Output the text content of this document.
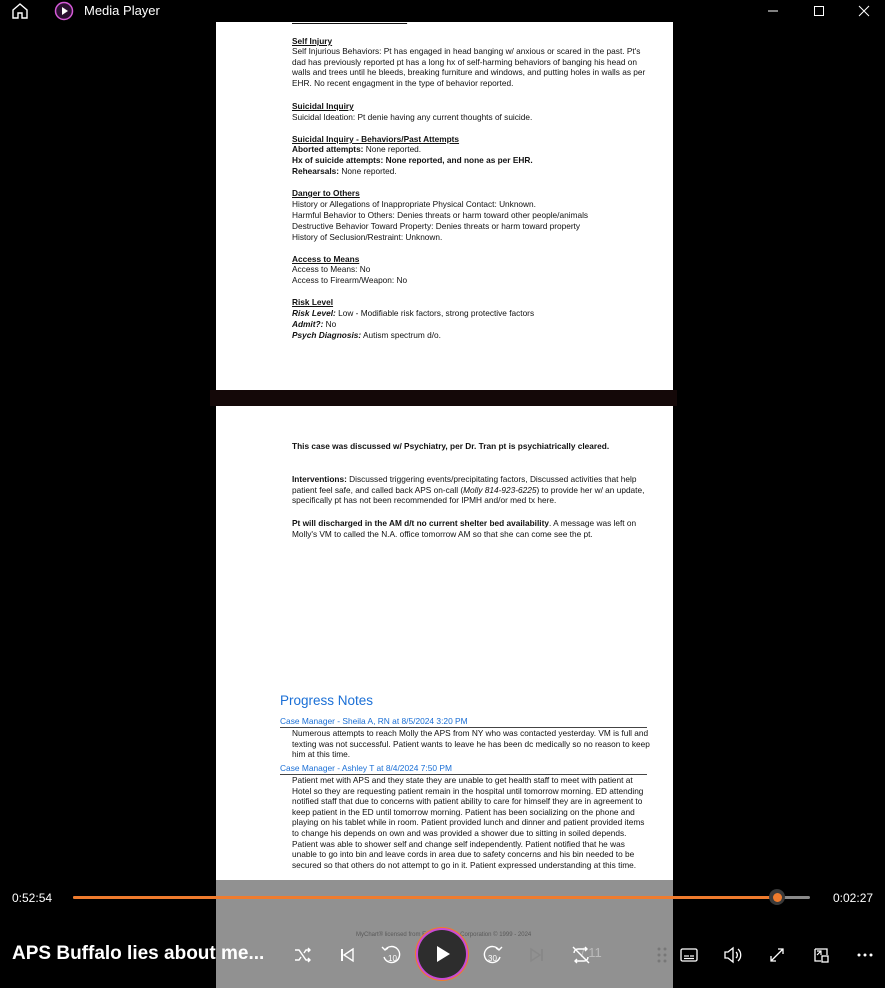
Media Player
Self Injury
Self Injurious Behaviors: Pt has engaged in head banging w/ anxious or scared in the past. Pt's dad has previously reported pt has a long hx of self-harming behaviors of banging his head on walls and trees until he bleeds, breaking furniture and windows, and putting holes in walls as per EHR. No recent engagment in the type of behavior reported.
Suicidal Inquiry
Suicidal Ideation: Pt denie having any current thoughts of suicide.
Suicidal Inquiry - Behaviors/Past Attempts
Aborted attempts: None reported.
Hx of suicide attempts: None reported, and none as per EHR.
Rehearsals: None reported.
Danger to Others
History or Allegations of Inappropriate Physical Contact: Unknown.
Harmful Behavior to Others: Denies threats or harm toward other people/animals
Destructive Behavior Toward Property: Denies threats or harm toward property
History of Seclusion/Restraint: Unknown.
Access to Means
Access to Means: No
Access to Firearm/Weapon: No
Risk Level
Risk Level: Low - Modifiable risk factors, strong protective factors
Admit?: No
Psych Diagnosis: Autism spectrum d/o.
This case was discussed w/ Psychiatry, per Dr. Tran pt is psychiatrically cleared.
Interventions: Discussed triggering events/precipitating factors, Discussed activities that help patient feel safe, and called back APS on-call (Molly 814-923-6225) to provide her w/ an update, specifically pt has not been recommended for IPMH and/or med tx here.
Pt will discharged in the AM d/t no current shelter bed availability. A message was left on Molly's VM to called the N.A. office tomorrow AM so that she can come see the pt.
Progress Notes
Case Manager - Sheila A, RN at 8/5/2024 3:20 PM
Numerous attempts to reach Molly the APS from NY who was contacted yesterday. VM is full and texting was not successful. Patient wants to leave he has been dc medically so no reason to keep him at this time.
Case Manager - Ashley T at 8/4/2024 7:50 PM
Patient met with APS and they state they are unable to get health staff to meet with patient at Hotel so they are requesting patient remain in the hospital until tomorrow morning. ED attending notified staff that due to concerns with patient ability to care for himself they are in agreement to keep patient in the ED until tomorrow morning. Patient has been socializing on the phone and playing on his tablet while in room. Patient provided lunch and dinner and patient provided items to change his depends on own and was provided a shower due to sitting in soiled depends. Patient was able to shower self and change self independently. Patient notified that he was unable to go into bin and leave cords in area due to safety concerns and his bin needed to be secured so that others do not attempt to go in it. Patient expressed understanding at this time.
/ 11
0:52:54	0:02:27
APS Buffalo lies about me...	10	30
